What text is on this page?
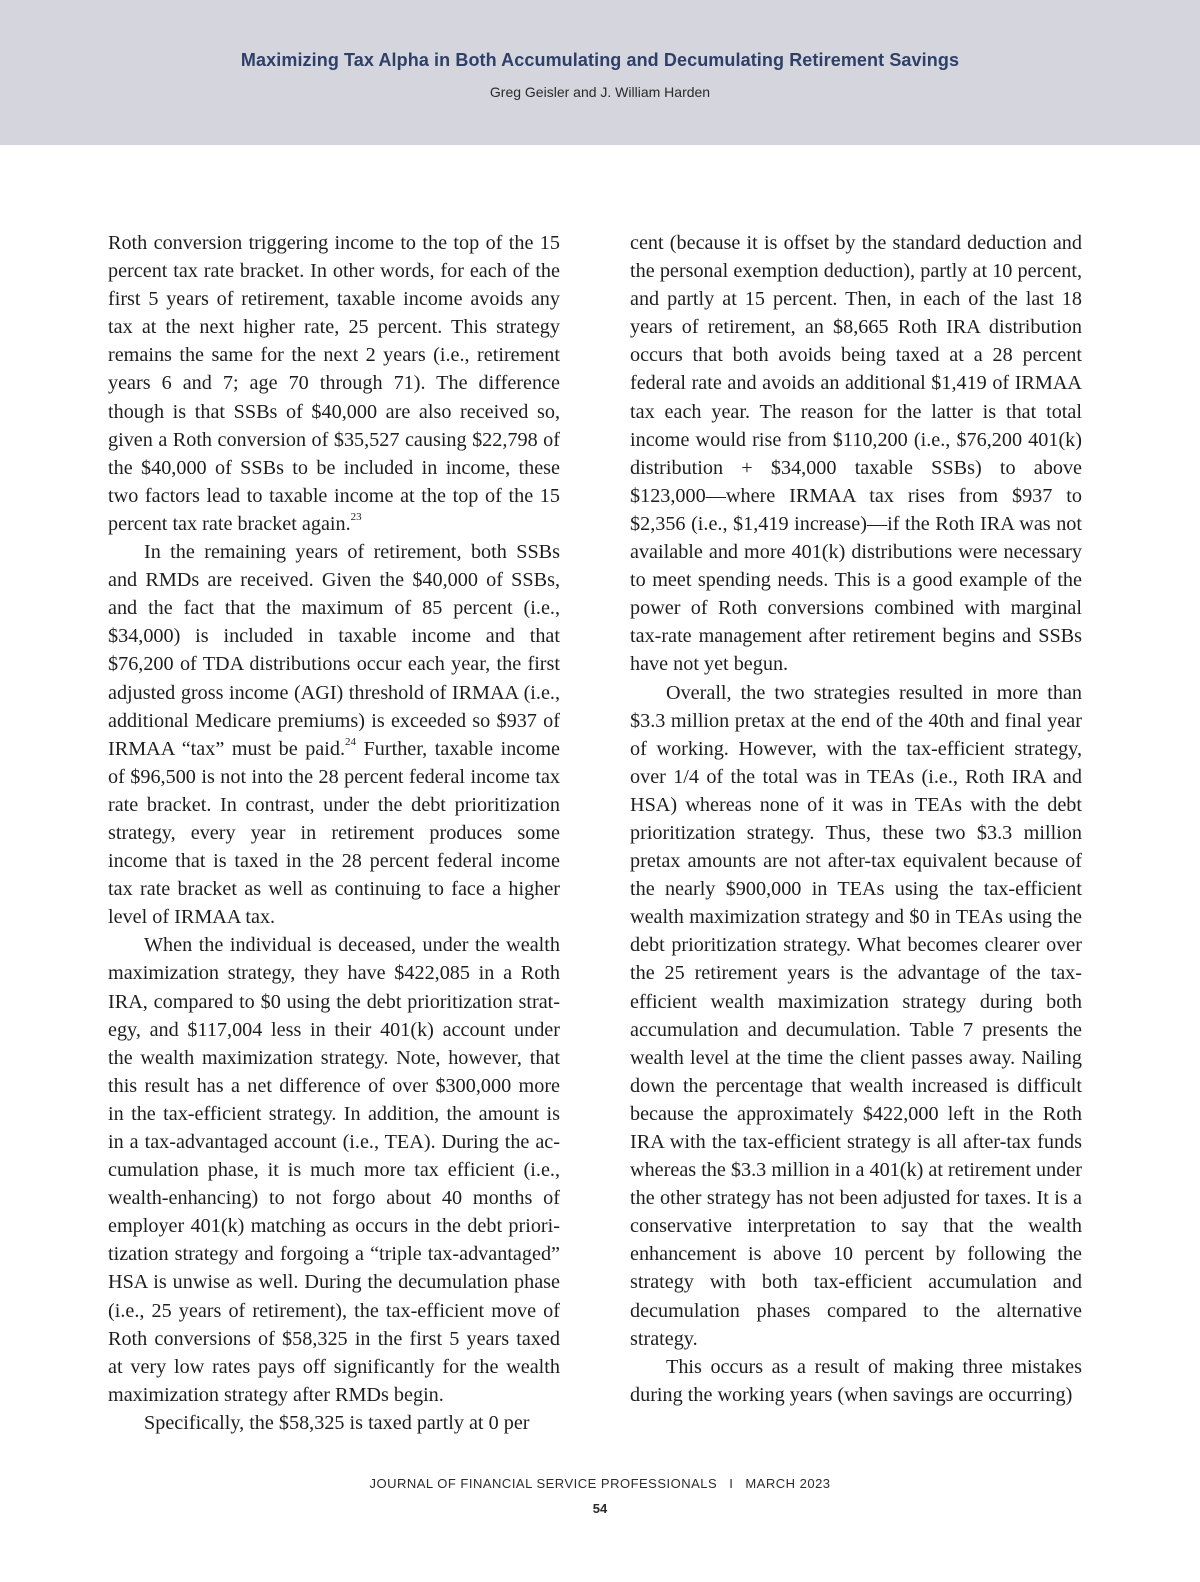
Maximizing Tax Alpha in Both Accumulating and Decumulating Retirement Savings
Greg Geisler and J. William Harden

Roth conversion triggering income to the top of the 15 percent tax rate bracket. In other words, for each of the first 5 years of retirement, taxable income avoids any tax at the next higher rate, 25 percent. This strategy remains the same for the next 2 years (i.e., retirement years 6 and 7; age 70 through 71). The difference though is that SSBs of $40,000 are also received so, given a Roth conversion of $35,527 causing $22,798 of the $40,000 of SSBs to be included in income, these two factors lead to taxable income at the top of the 15 percent tax rate bracket again.$^{23}$

In the remaining years of retirement, both SSBs and RMDs are received. Given the $40,000 of SSBs, and the fact that the maximum of 85 percent (i.e., $34,000) is included in taxable income and that $76,200 of TDA distributions occur each year, the first adjusted gross income (AGI) threshold of IRMAA (i.e., additional Medicare premiums) is exceeded so $937 of IRMAA “tax” must be paid.$^{24}$ Further, taxable income of $96,500 is not into the 28 percent federal income tax rate bracket. In contrast, under the debt prioritization strategy, every year in retirement produces some income that is taxed in the 28 percent federal income tax rate bracket as well as continuing to face a higher level of IRMAA tax.

When the individual is deceased, under the wealth maximization strategy, they have $422,085 in a Roth IRA, compared to $0 using the debt prioritization strategy, and $117,004 less in their 401(k) account under the wealth maximization strategy. Note, however, that this result has a net difference of over $300,000 more in the tax-efficient strategy. In addition, the amount is in a tax-advantaged account (i.e., TEA). During the accumulation phase, it is much more tax efficient (i.e., wealth-enhancing) to not forgo about 40 months of employer 401(k) matching as occurs in the debt prioritization strategy and forgoing a “triple tax-advantaged” HSA is unwise as well. During the decumulation phase (i.e., 25 years of retirement), the tax-efficient move of Roth conversions of $58,325 in the first 5 years taxed at very low rates pays off significantly for the wealth maximization strategy after RMDs begin.

Specifically, the $58,325 is taxed partly at 0 per

cent (because it is offset by the standard deduction and the personal exemption deduction), partly at 10 percent, and partly at 15 percent. Then, in each of the last 18 years of retirement, an $8,665 Roth IRA distribution occurs that both avoids being taxed at a 28 percent federal rate and avoids an additional $1,419 of IRMAA tax each year. The reason for the latter is that total income would rise from $110,200 (i.e., $76,200 401(k) distribution + $34,000 taxable SSBs) to above $123,000—where IRMAA tax rises from $937 to $2,356 (i.e., $1,419 increase)—if the Roth IRA was not available and more 401(k) distributions were necessary to meet spending needs. This is a good example of the power of Roth conversions combined with marginal tax-rate management after retirement begins and SSBs have not yet begun.

Overall, the two strategies resulted in more than $3.3 million pretax at the end of the 40th and final year of working. However, with the tax-efficient strategy, over 1/4 of the total was in TEAs (i.e., Roth IRA and HSA) whereas none of it was in TEAs with the debt prioritization strategy. Thus, these two $3.3 million pretax amounts are not after-tax equivalent because of the nearly $900,000 in TEAs using the tax-efficient wealth maximization strategy and $0 in TEAs using the debt prioritization strategy. What becomes clearer over the 25 retirement years is the advantage of the tax-efficient wealth maximization strategy during both accumulation and decumulation. Table 7 presents the wealth level at the time the client passes away. Nailing down the percentage that wealth increased is difficult because the approximately $422,000 left in the Roth IRA with the tax-efficient strategy is all after-tax funds whereas the $3.3 million in a 401(k) at retirement under the other strategy has not been adjusted for taxes. It is a conservative interpretation to say that the wealth enhancement is above 10 percent by following the strategy with both tax-efficient accumulation and decumulation phases compared to the alternative strategy.

This occurs as a result of making three mistakes during the working years (when savings are occurring)

JOURNAL OF FINANCIAL SERVICE PROFESSIONALS I MARCH 2023
54
